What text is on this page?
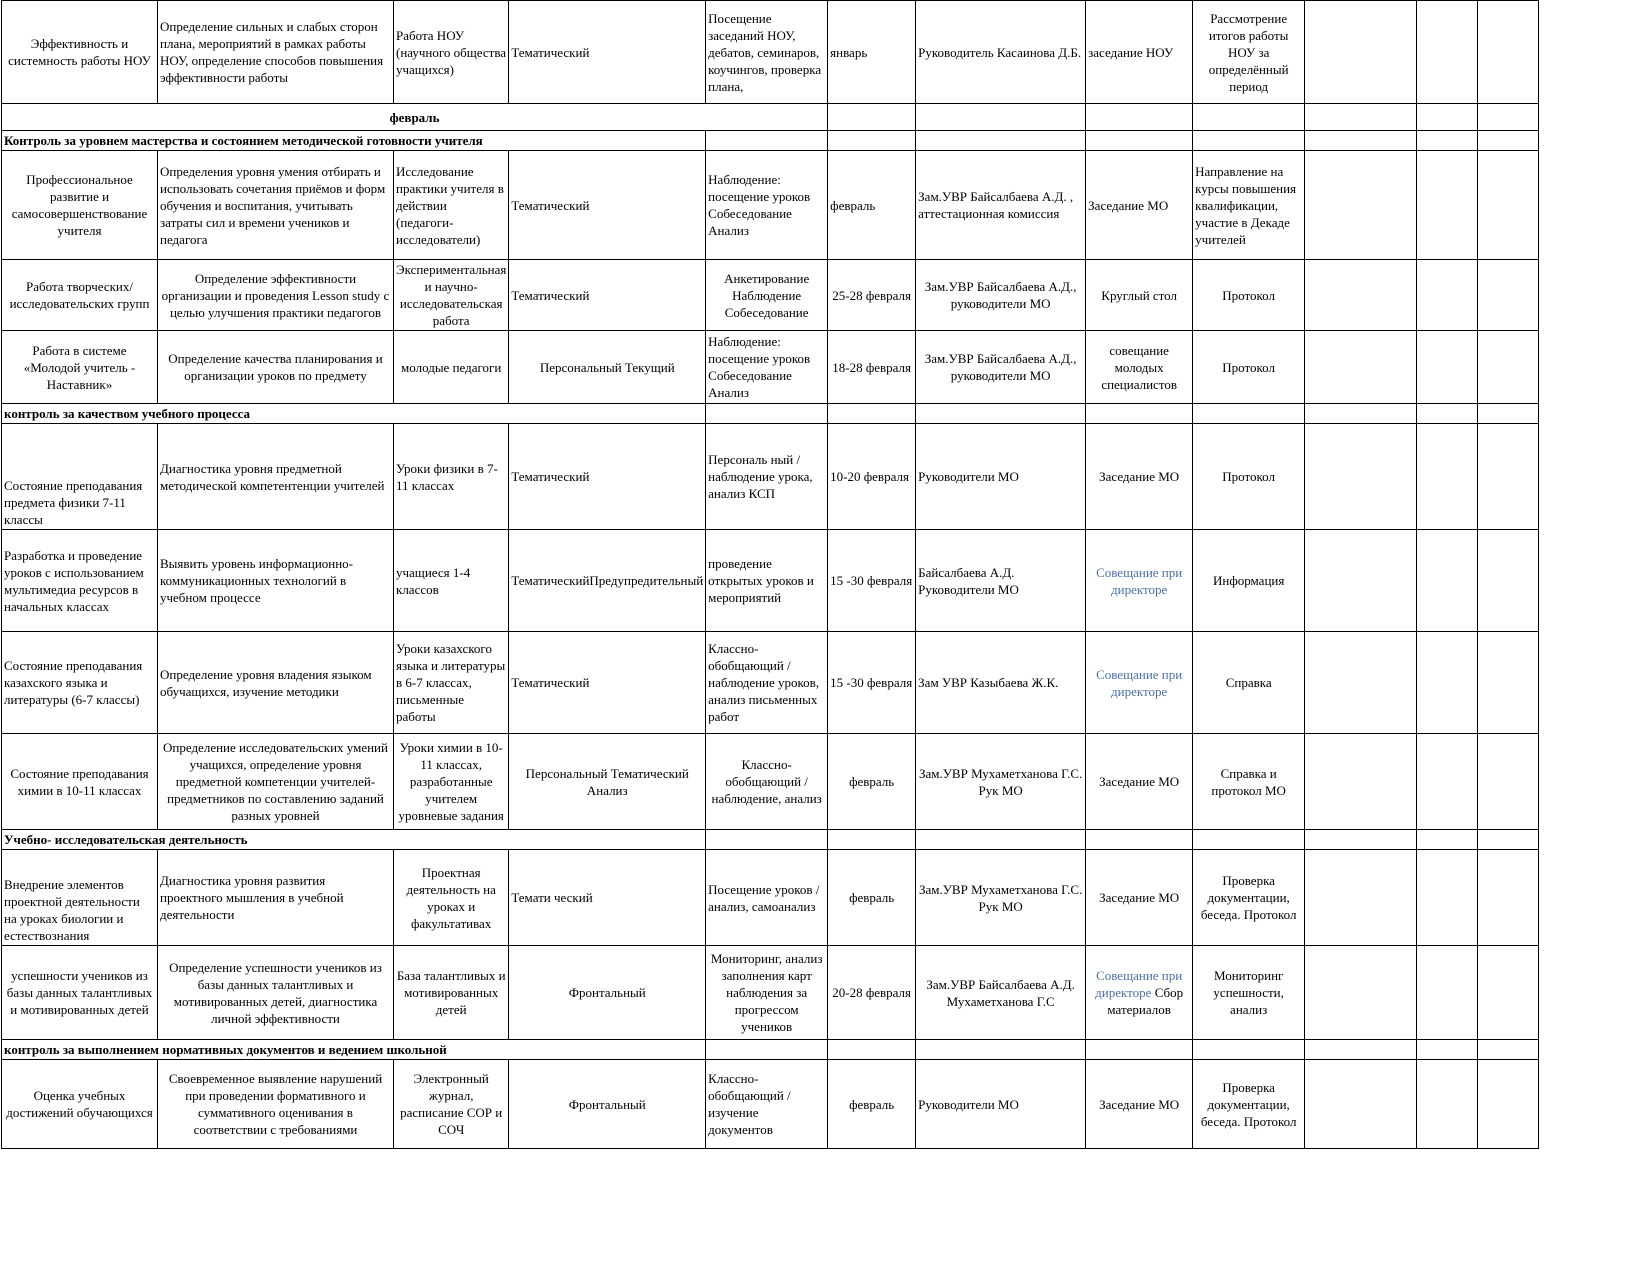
Эффективность и системность работы НОУ	Определение сильных и слабых сторон плана, мероприятий в рамках работы НОУ, определение способов повышения эффективности работы	Работа НОУ (научного общества учащихся)	Тематический	Посещение заседаний НОУ, дебатов, семинаров, коучингов, проверка плана,	январь	Руководитель Касаинова Д.Б.	заседание НОУ	Рассмотрение итогов работы НОУ за определённый период			
февраль											
Контроль за уровнем мастерства и состоянием методической готовности учителя											
Профессиональное развитие и самосовершенствование учителя	Определения уровня умения отбирать и использовать сочетания приёмов и форм обучения и воспитания, учитывать затраты сил и времени учеников и педагога	Исследование практики учителя в действии (педагоги-исследователи)	Тематический	Наблюдение: посещение уроков Собеседование Анализ	февраль	Зам.УВР Байсалбаева А.Д. , аттестационная комиссия	Заседание МО	Направление на курсы повышения квалификации, участие в Декаде учителей			
Работа творческих/ исследовательских групп	Определение эффективности организации и проведения Lesson study с целью улучшения практики педагогов	Экспериментальная и научно-исследовательская работа	Тематический	Анкетирование Наблюдение Собеседование	25-28 февраля	Зам.УВР Байсалбаева А.Д., руководители МО	Круглый стол	Протокол			
Работа в системе «Молодой учитель - Наставник»	Определение качества планирования и организации уроков по предмету	молодые педагоги	Персональный Текущий	Наблюдение: посещение уроков Собеседование Анализ	18-28 февраля	Зам.УВР Байсалбаева А.Д., руководители МО	совещание молодых специалистов	Протокол			
контроль за качеством учебного процесса											
Состояние преподавания предмета физики 7-11 классы	Диагностика уровня предметной методической компетентенции учителей	Уроки физики в 7-11 классах	Тематический	Персональ ный / наблюдение урока, анализ КСП	10-20 февраля	Руководители МО	Заседание МО	Протокол			
Разработка и проведение уроков с использованием мультимедиа ресурсов в начальных классах	Выявить уровень информационно-коммуникационных технологий в учебном процессе	учащиеся 1-4 классов	ТематическийПредупредительный	проведение открытых уроков и мероприятий	15 -30 февраля	Байсалбаева А.Д. Руководители МО	Совещание при директоре	Информация			
Состояние преподавания казахского языка и литературы (6-7 классы)	Определение уровня владения языком обучащихся, изучение методики	Уроки казахского языка и литературы в 6-7 классах, письменные работы	Тематический	Классно-обобщающий / наблюдение уроков, анализ письменных работ	15 -30 февраля	Зам УВР Казыбаева Ж.К.	Совещание при директоре	Справка			
Состояние преподавания химии в 10-11 классах	Определение исследовательских умений учащихся, определение уровня предметной компетенции учителей-предметников по составлению заданий разных уровней	Уроки химии в 10-11 классах, разработанные учителем уровневые задания	Персональный Тематический Анализ	Классно-обобщающий / наблюдение, анализ	февраль	Зам.УВР Мухаметханова Г.С. Рук МО	Заседание МО	Справка и протокол МО			
Учебно- исследовательская деятельность											
Внедрение элементов проектной деятельности на уроках биологии и естествознания	Диагностика уровня развития проектного мышления в учебной деятельности	Проектная деятельность на уроках и факультативах	Темати ческий	Посещение уроков / анализ, самоанализ	февраль	Зам.УВР Мухаметханова Г.С. Рук МО	Заседание МО	Проверка документации, беседа. Протокол			
успешности учеников из базы данных талантливых и мотивированных детей	Определение успешности учеников из базы данных талантливых и мотивированных детей, диагностика личной эффективности	База талантливых и мотивированных детей	Фронтальный	Мониторинг, анализ заполнения карт наблюдения за прогрессом учеников	20-28 февраля	Зам.УВР Байсалбаева А.Д. Мухаметханова Г.С	Совещание при директоре Сбор материалов	Мониторинг успешности, анализ			
контроль за выполнением нормативных документов и ведением школьной											
Оценка учебных достижений обучающихся	Своевременное выявление нарушений при проведении формативного и суммативного оценивания в соответствии с требованиями	Электронный журнал, расписание СОР и СОЧ	Фронтальный	Классно-обобщающий / изучение документов	февраль	Руководители МО	Заседание МО	Проверка документации, беседа. Протокол			
